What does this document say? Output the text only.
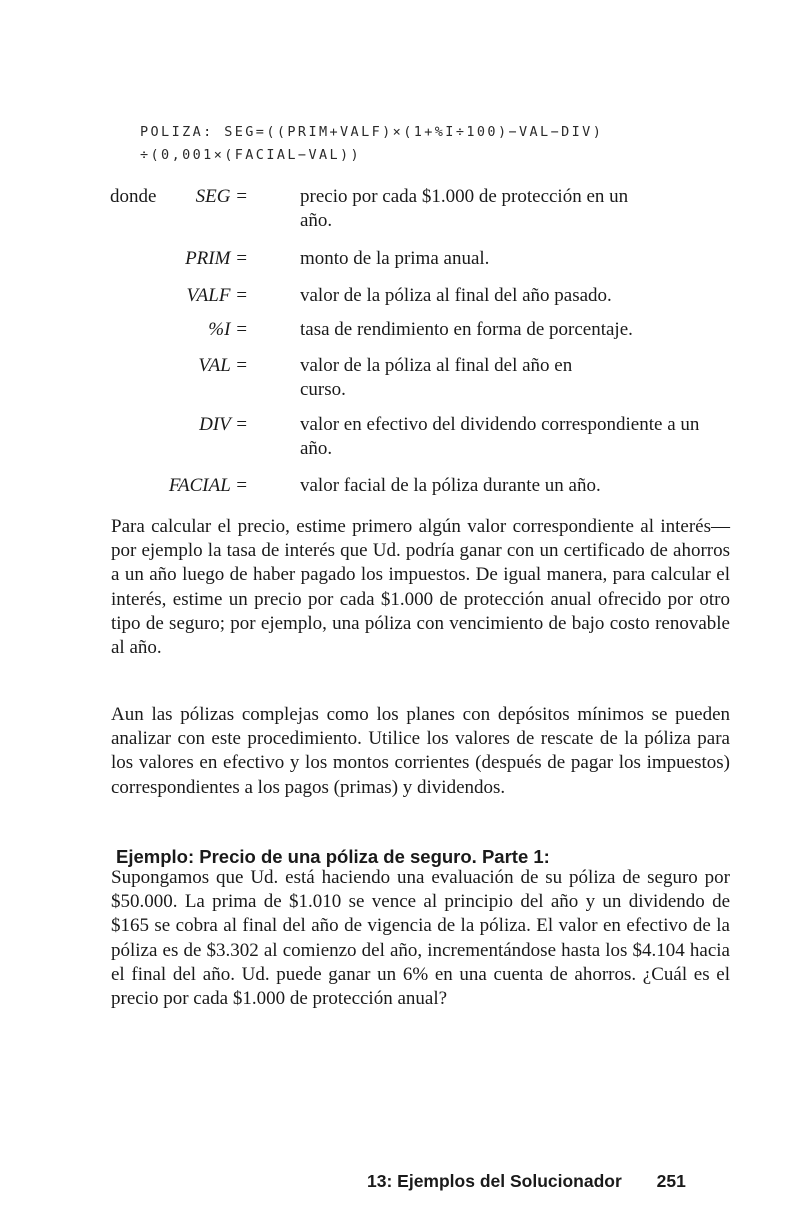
POLIZA: SEG=((PRIM+VALF)×(1+%I÷100)−VAL−DIV)
÷(0,001×(FACIAL−VAL))
donde SEG =	precio por cada $1.000 de protección en un año.
PRIM =	monto de la prima anual.
VALF =	valor de la póliza al final del año pasado.
%I =	tasa de rendimiento en forma de porcentaje.
VAL =	valor de la póliza al final del año en curso.
DIV =	valor en efectivo del dividendo correspondiente a un año.
FACIAL =	valor facial de la póliza durante un año.

Para calcular el precio, estime primero algún valor correspondiente al interés—por ejemplo la tasa de interés que Ud. podría ganar con un certificado de ahorros a un año luego de haber pagado los impuestos. De igual manera, para calcular el interés, estime un precio por cada $1.000 de protección anual ofrecido por otro tipo de seguro; por ejemplo, una póliza con vencimiento de bajo costo renovable al año.

Aun las pólizas complejas como los planes con depósitos mínimos se pueden analizar con este procedimiento. Utilice los valores de rescate de la póliza para los valores en efectivo y los montos corrientes (después de pagar los impuestos) correspondientes a los pagos (primas) y dividendos.

Ejemplo: Precio de una póliza de seguro. Parte 1:

Supongamos que Ud. está haciendo una evaluación de su póliza de seguro por $50.000. La prima de $1.010 se vence al principio del año y un dividendo de $165 se cobra al final del año de vigencia de la póliza. El valor en efectivo de la póliza es de $3.302 al comienzo del año, incrementándose hasta los $4.104 hacia el final del año. Ud. puede ganar un 6% en una cuenta de ahorros. ¿Cuál es el precio por cada $1.000 de protección anual?

13: Ejemplos del Solucionador 251
